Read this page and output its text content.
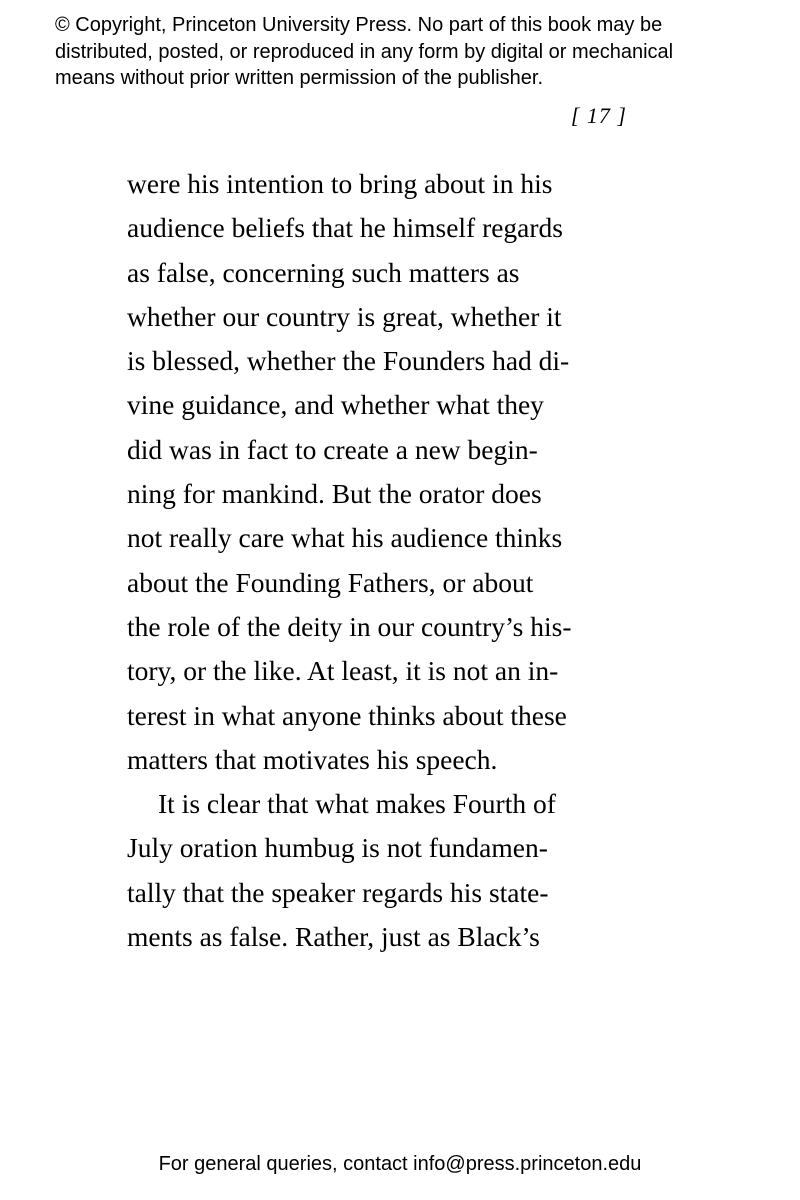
© Copyright, Princeton University Press. No part of this book may be
distributed, posted, or reproduced in any form by digital or mechanical
means without prior written permission of the publisher.
[ 17 ]
were his intention to bring about in his
audience beliefs that he himself regards
as false, concerning such matters as
whether our country is great, whether it
is blessed, whether the Founders had di-
vine guidance, and whether what they
did was in fact to create a new begin-
ning for mankind. But the orator does
not really care what his audience thinks
about the Founding Fathers, or about
the role of the deity in our country’s his-
tory, or the like. At least, it is not an in-
terest in what anyone thinks about these
matters that motivates his speech.
It is clear that what makes Fourth of
July oration humbug is not fundamen-
tally that the speaker regards his state-
ments as false. Rather, just as Black’s
For general queries, contact info@press.princeton.edu
